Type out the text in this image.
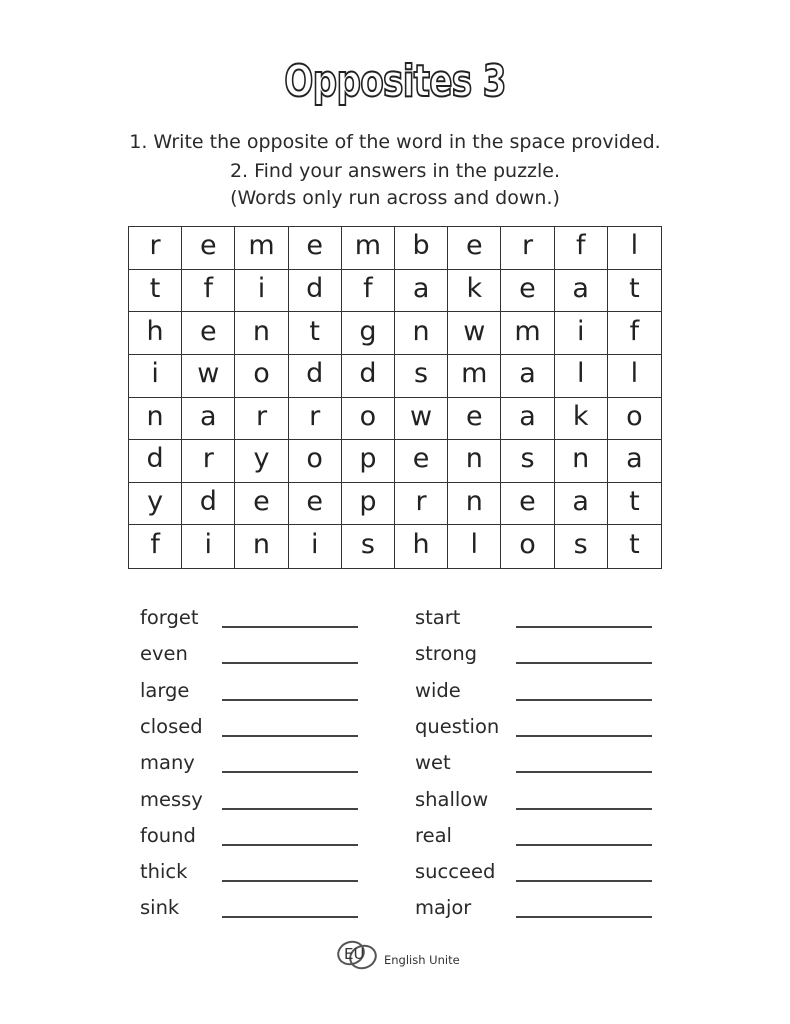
Opposites 3
1. Write the opposite of the word in the space provided.
2. Find your answers in the puzzle.
(Words only run across and down.)
r	e	m	e	m	b	e	r	f	l
t	f	i	d	f	a	k	e	a	t
h	e	n	t	g	n	w	m	i	f
i	w	o	d	d	s	m	a	l	l
n	a	r	r	o	w	e	a	k	o
d	r	y	o	p	e	n	s	n	a
y	d	e	e	p	r	n	e	a	t
f	i	n	i	s	h	l	o	s	t
forget
even
large
closed
many
messy
found
thick
sink
start
strong
wide
question
wet
shallow
real
succeed
major
EU English Unite
